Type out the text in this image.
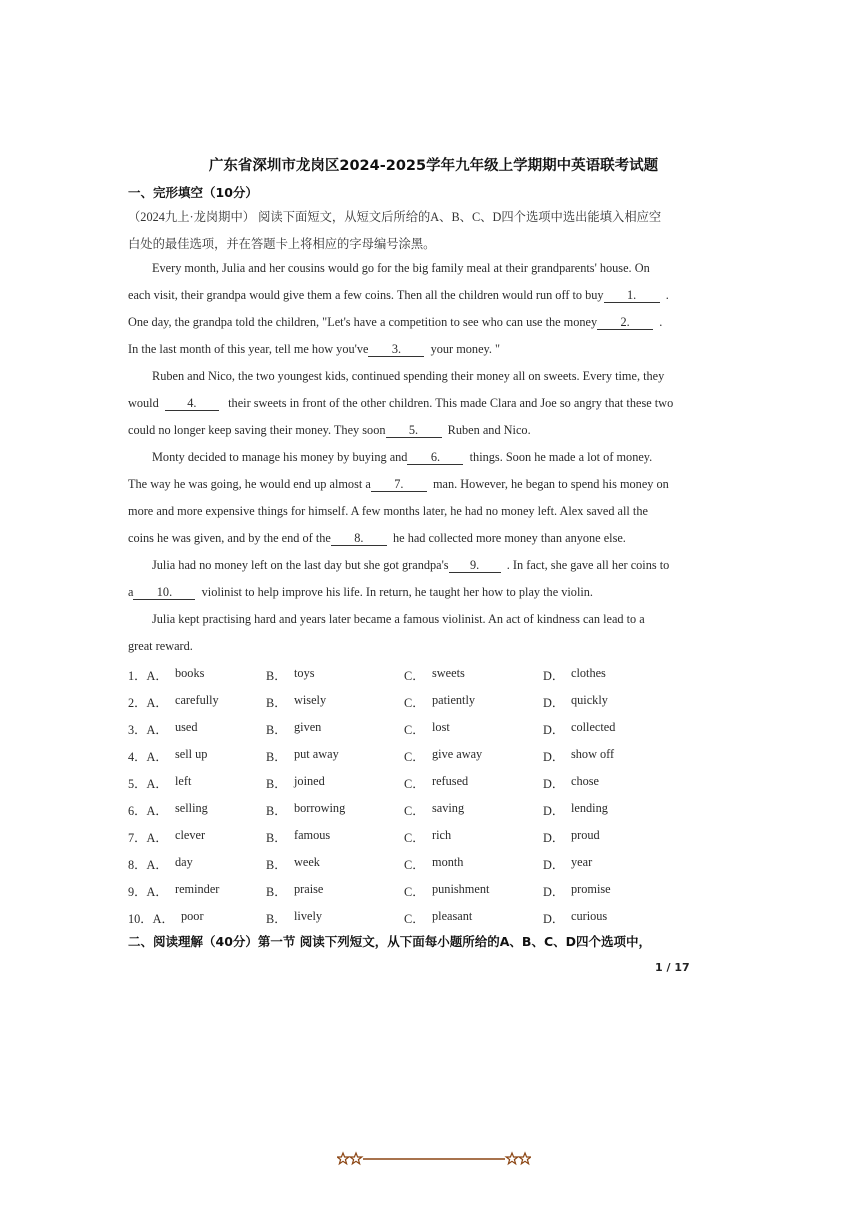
广东省深圳市龙岗区2024-2025学年九年级上学期期中英语联考试题
一、完形填空（10分）
（2024九上·龙岗期中） 阅读下面短文，从短文后所给的A、B、C、D四个选项中选出能填入相应空
白处的最佳选项，并在答题卡上将相应的字母编号涂黑。
Every month, Julia and her cousins would go for the big family meal at their grandparents' house. On
each visit, their grandpa would give them a few coins. Then all the children would run off to buy 1. .
One day, the grandpa told the children, "Let's have a competition to see who can use the money 2. .
In the last month of this year, tell me how you've 3. your money. "
Ruben and Nico, the two youngest kids, continued spending their money all on sweets. Every time, they
would 4.	their sweets in front of the other children. This made Clara and Joe so angry that these two
could no longer keep saving their money. They soon 5. Ruben and Nico.
Monty decided to manage his money by buying and 6. things. Soon he made a lot of money.
The way he was going, he would end up almost a 7. man. However, he began to spend his money on
more and more expensive things for himself. A few months later, he had no money left. Alex saved all the
coins he was given, and by the end of the 8. he had collected more money than anyone else.
Julia had no money left on the last day but she got grandpa's 9. . In fact, she gave all her coins to
a 10. violinist to help improve his life. In return, he taught her how to play the violin.
Julia kept practising hard and years later became a famous violinist. An act of kindness can lead to a
great reward.
1．A． books	B． toys	C． sweets	D． clothes
2．A． carefully	B． wisely	C． patiently	D． quickly
3．A． used	B． given	C． lost	D． collected
4．A． sell up	B． put away	C． give away	D． show off
5．A． left	B． joined	C． refused	D． chose
6．A． selling	B． borrowing	C． saving	D． lending
7．A． clever	B． famous	C． rich	D． proud
8．A． day	B． week	C． month	D． year
9．A． reminder	B． praise	C． punishment	D． promise
10．A． poor	B． lively	C． pleasant	D． curious
二、阅读理解（40分）第一节 阅读下列短文，从下面每小题所给的A、B、C、D四个选项中，
1 / 17
